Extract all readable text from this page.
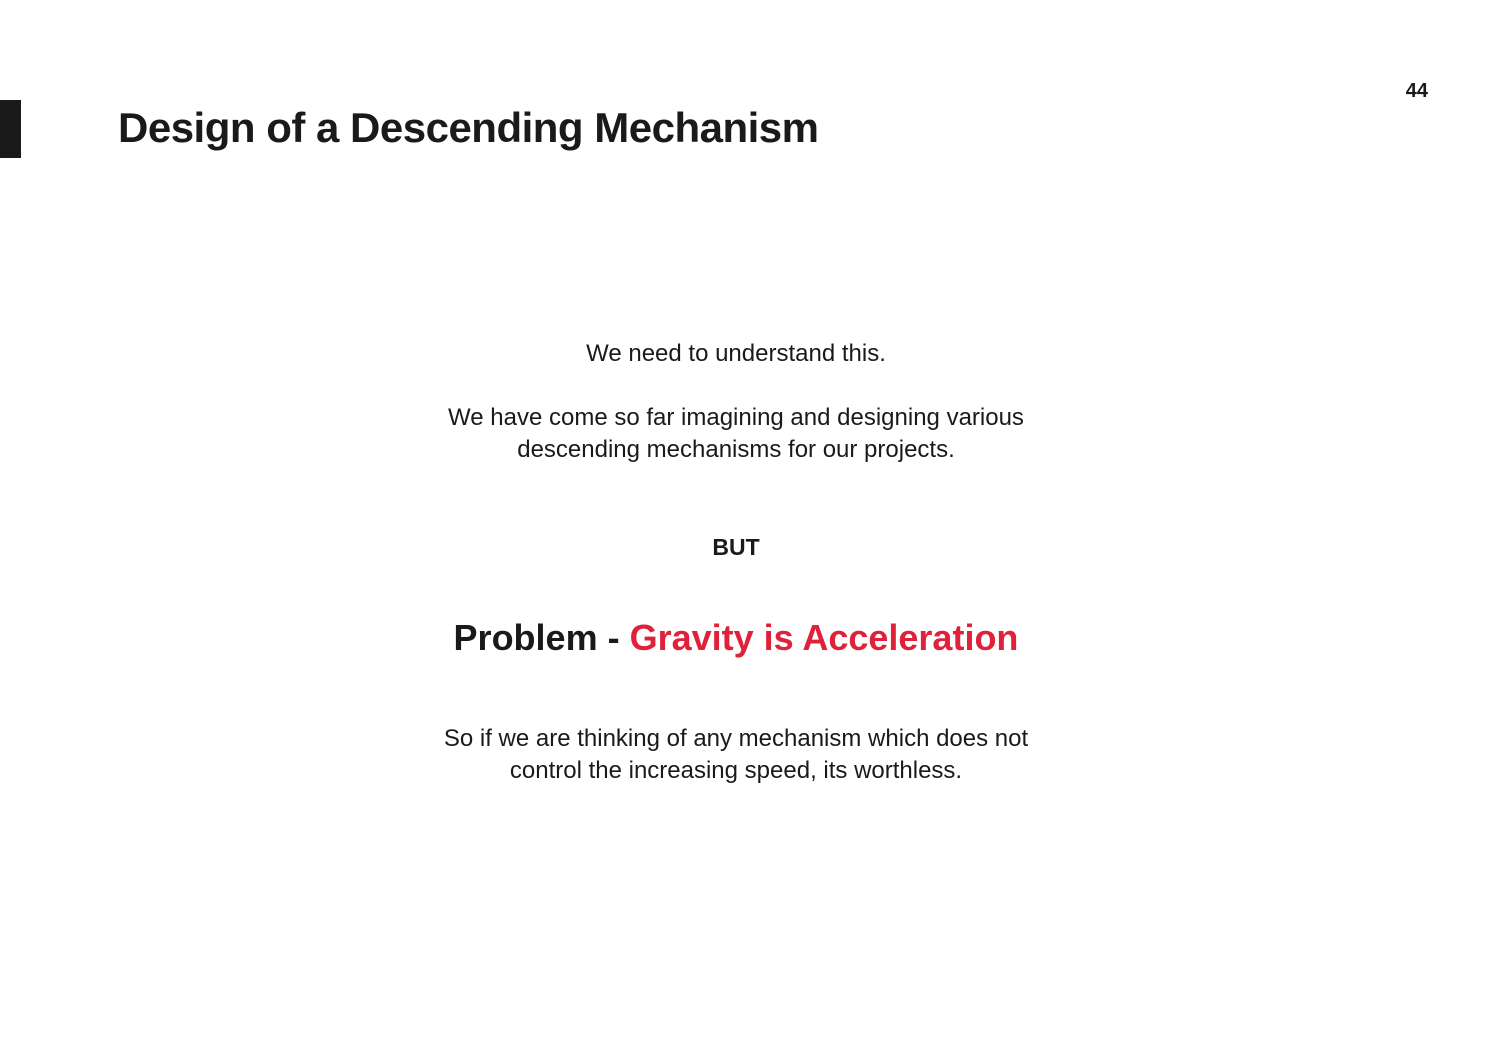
44
Design of a Descending Mechanism
We need to understand this.
We have come so far imagining and designing various
descending mechanisms for our projects.
BUT
Problem - Gravity is Acceleration
So if we are thinking of any mechanism which does not
control the increasing speed, its worthless.
